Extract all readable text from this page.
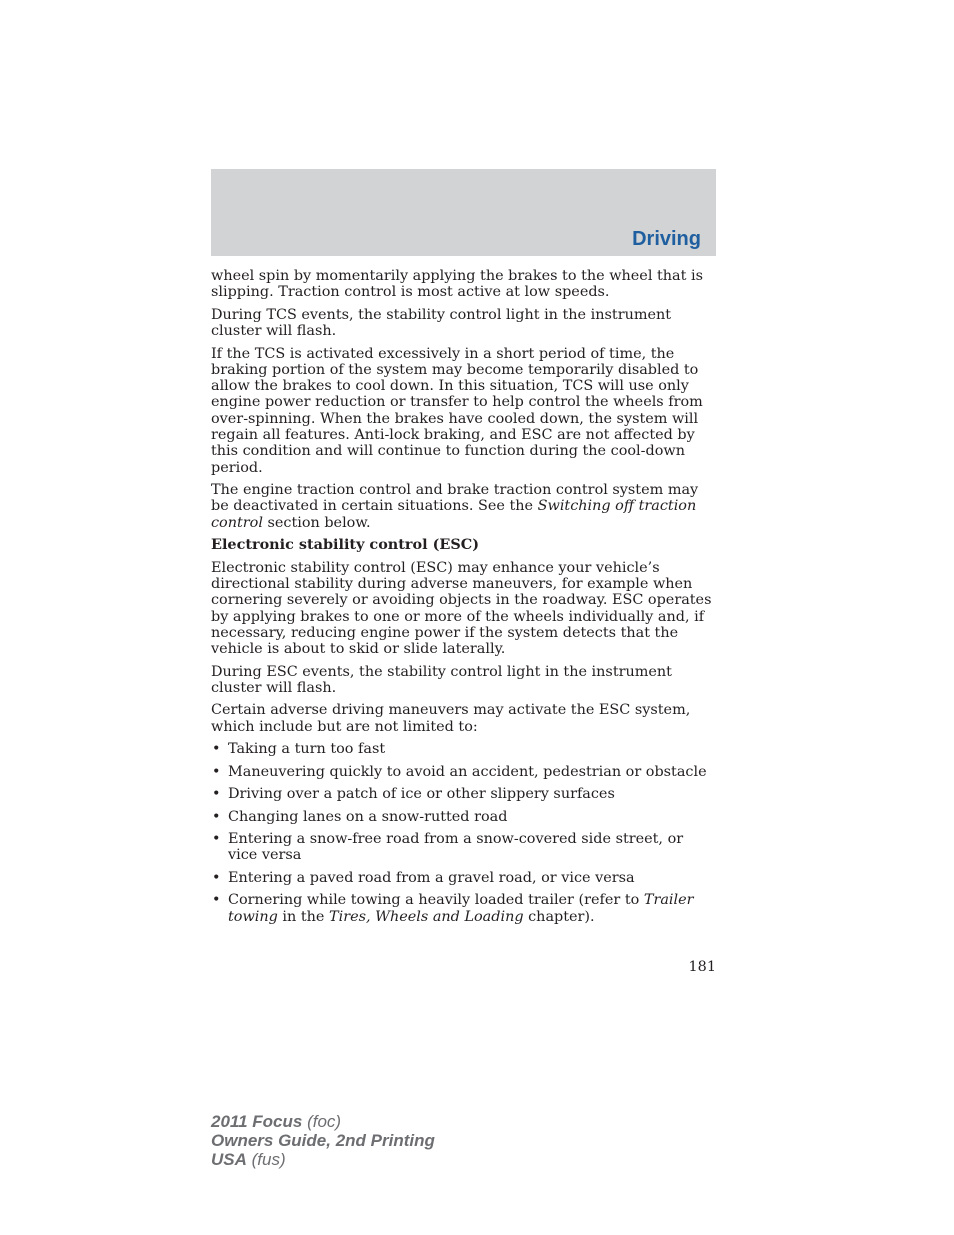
Driving

wheel spin by momentarily applying the brakes to the wheel that is slipping. Traction control is most active at low speeds.

During TCS events, the stability control light in the instrument cluster will flash.

If the TCS is activated excessively in a short period of time, the braking portion of the system may become temporarily disabled to allow the brakes to cool down. In this situation, TCS will use only engine power reduction or transfer to help control the wheels from over-spinning. When the brakes have cooled down, the system will regain all features. Anti-lock braking, and ESC are not affected by this condition and will continue to function during the cool-down period.

The engine traction control and brake traction control system may be deactivated in certain situations. See the Switching off traction control section below.

Electronic stability control (ESC)

Electronic stability control (ESC) may enhance your vehicle’s directional stability during adverse maneuvers, for example when cornering severely or avoiding objects in the roadway. ESC operates by applying brakes to one or more of the wheels individually and, if necessary, reducing engine power if the system detects that the vehicle is about to skid or slide laterally.

During ESC events, the stability control light in the instrument cluster will flash.

Certain adverse driving maneuvers may activate the ESC system, which include but are not limited to:

• Taking a turn too fast
• Maneuvering quickly to avoid an accident, pedestrian or obstacle
• Driving over a patch of ice or other slippery surfaces
• Changing lanes on a snow-rutted road
• Entering a snow-free road from a snow-covered side street, or vice versa
• Entering a paved road from a gravel road, or vice versa
• Cornering while towing a heavily loaded trailer (refer to Trailer towing in the Tires, Wheels and Loading chapter).
181
2011 Focus (foc)
Owners Guide, 2nd Printing
USA (fus)
